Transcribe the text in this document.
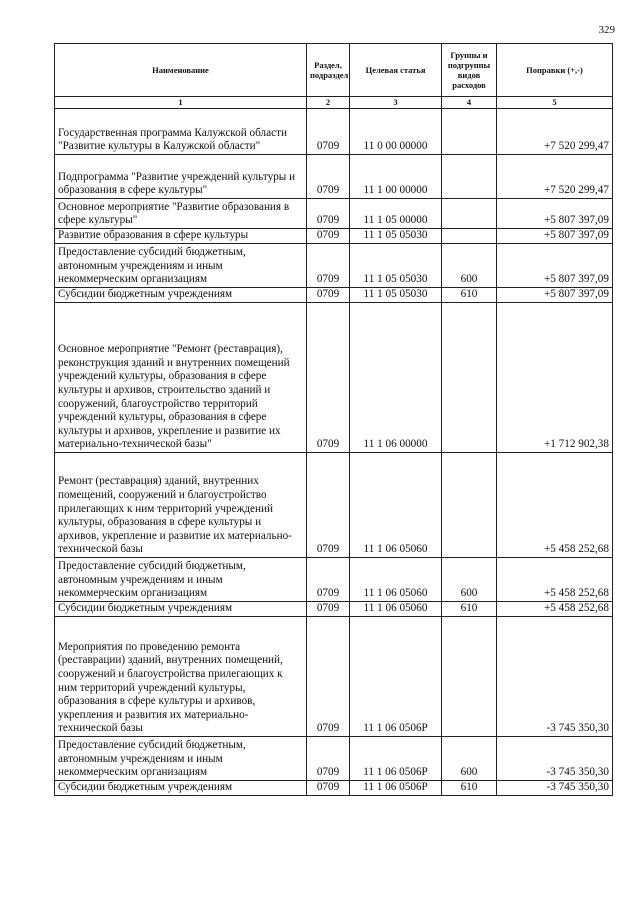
329
Наименование	Раздел, подраздел	Целевая статья	Группы и подгруппы видов расходов	Поправки (+,-)
1	2	3	4	5
Государственная программа Калужской области "Развитие культуры в Калужской области"	0709	11 0 00 00000		+7 520 299,47
Подпрограмма "Развитие учреждений культуры и образования в сфере культуры"	0709	11 1 00 00000		+7 520 299,47
Основное мероприятие "Развитие образования в сфере культуры"	0709	11 1 05 00000		+5 807 397,09
Развитие образования в сфере культуры	0709	11 1 05 05030		+5 807 397,09
Предоставление субсидий бюджетным, автономным учреждениям и иным некоммерческим организациям	0709	11 1 05 05030	600	+5 807 397,09
Субсидии бюджетным учреждениям	0709	11 1 05 05030	610	+5 807 397,09
Основное мероприятие "Ремонт (реставрация), реконструкция зданий и внутренних помещений учреждений культуры, образования в сфере культуры и архивов, строительство зданий и сооружений, благоустройство территорий учреждений культуры, образования в сфере культуры и архивов, укрепление и развитие их материально-технической базы"	0709	11 1 06 00000		+1 712 902,38
Ремонт (реставрация) зданий, внутренних помещений, сооружений и благоустройство прилегающих к ним территорий учреждений культуры, образования в сфере культуры и архивов, укрепление и развитие их материально-технической базы	0709	11 1 06 05060		+5 458 252,68
Предоставление субсидий бюджетным, автономным учреждениям и иным некоммерческим организациям	0709	11 1 06 05060	600	+5 458 252,68
Субсидии бюджетным учреждениям	0709	11 1 06 05060	610	+5 458 252,68
Мероприятия по проведению ремонта (реставрации) зданий, внутренних помещений, сооружений и благоустройства прилегающих к ним территорий учреждений культуры, образования в сфере культуры и архивов, укрепления и развития их материально-технической базы	0709	11 1 06 0506Р		-3 745 350,30
Предоставление субсидий бюджетным, автономным учреждениям и иным некоммерческим организациям	0709	11 1 06 0506Р	600	-3 745 350,30
Субсидии бюджетным учреждениям	0709	11 1 06 0506Р	610	-3 745 350,30
